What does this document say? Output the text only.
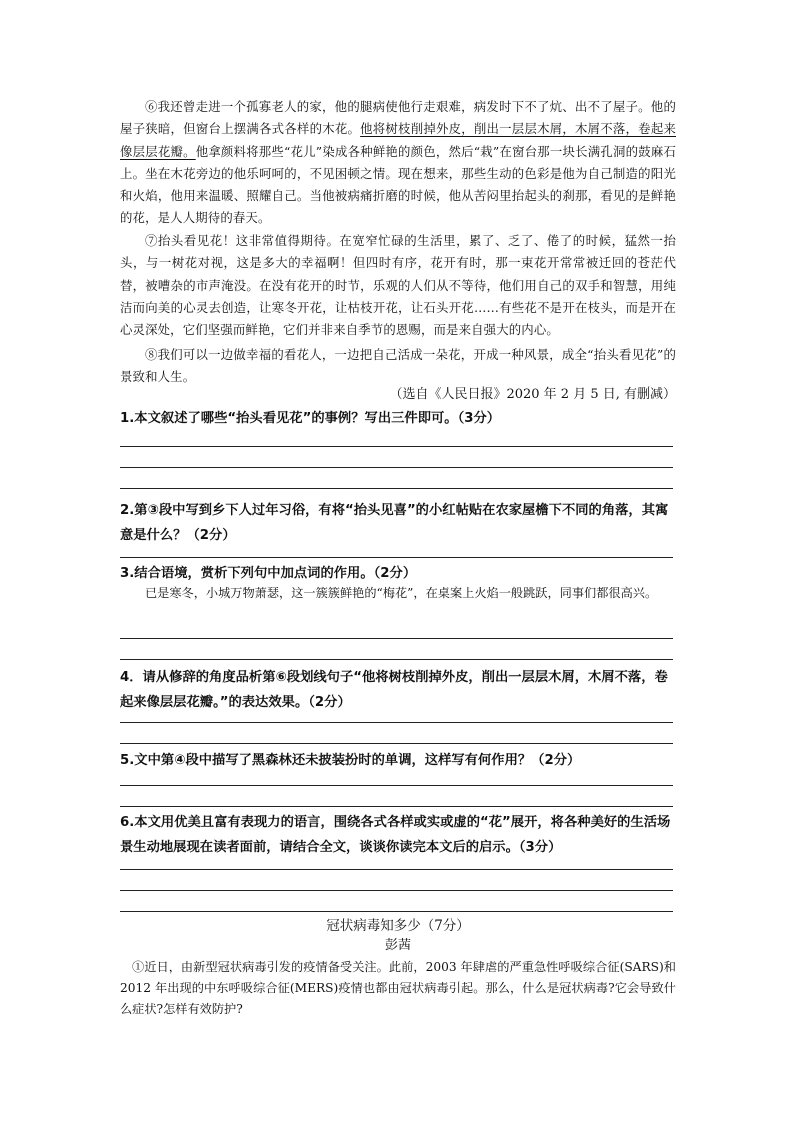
⑥我还曾走进一个孤寡老人的家，他的腿病使他行走艰难，病发时下不了炕、出不了屋子。他的屋子狭暗，但窗台上摆满各式各样的木花。他将树枝削掉外皮，削出一层层木屑，木屑不落，卷起来像层层花瓣。他拿颜料将那些“花儿”染成各种鲜艳的颜色，然后“栽”在窗台那一块长满孔洞的鼓麻石上。坐在木花旁边的他乐呵呵的，不见困顿之情。现在想来，那些生动的色彩是他为自己制造的阳光和火焰，他用来温暖、照耀自己。当他被病痛折磨的时候，他从苦闷里抬起头的刹那，看见的是鲜艳的花，是人人期待的春天。

⑦抬头看见花！这非常值得期待。在宽窄忙碌的生活里，累了、乏了、倦了的时候，猛然一抬头，与一树花对视，这是多大的幸福啊！但四时有序，花开有时，那一束花开常常被迁回的苍茫代替，被嘈杂的市声淹没。在没有花开的时节，乐观的人们从不等待，他们用自己的双手和智慧，用纯洁而向美的心灵去创造，让寒冬开花，让枯枝开花，让石头开花……有些花不是开在枝头，而是开在心灵深处，它们坚强而鲜艳，它们并非来自季节的恩赐，而是来自强大的内心。

⑧我们可以一边做幸福的看花人，一边把自己活成一朵花，开成一种风景，成全“抬头看见花”的景致和人生。

（选自《人民日报》2020 年 2 月 5 日, 有删减）

1.本文叙述了哪些“抬头看见花”的事例？写出三件即可。（3分）

2.第③段中写到乡下人过年习俗，有将“抬头见喜”的小红帖贴在农家屋檐下不同的角落，其寓意是什么？（2分）

3.结合语境，赏析下列句中加点词的作用。（2分）

已是寒冬，小城万物萧瑟，这一簇簇鲜艳的“梅花”，在桌案上火焰一般跳跃，同事们都很高兴。

4．请从修辞的角度品析第⑥段划线句子“他将树枝削掉外皮，削出一层层木屑，木屑不落，卷起来像层层花瓣。”的表达效果。（2分）

5.文中第④段中描写了黑森林还未披装扮时的单调，这样写有何作用？（2分）

6.本文用优美且富有表现力的语言，围绕各式各样或实或虚的“花”展开，将各种美好的生活场景生动地展现在读者面前，请结合全文，谈谈你读完本文后的启示。（3分）

冠状病毒知多少（7分）

彭茜

①近日，由新型冠状病毒引发的疫情备受关注。此前，2003 年肆虐的严重急性呼吸综合征(SARS)和 2012 年出现的中东呼吸综合征(MERS)疫情也都由冠状病毒引起。那么，什么是冠状病毒?它会导致什么症状?怎样有效防护?
